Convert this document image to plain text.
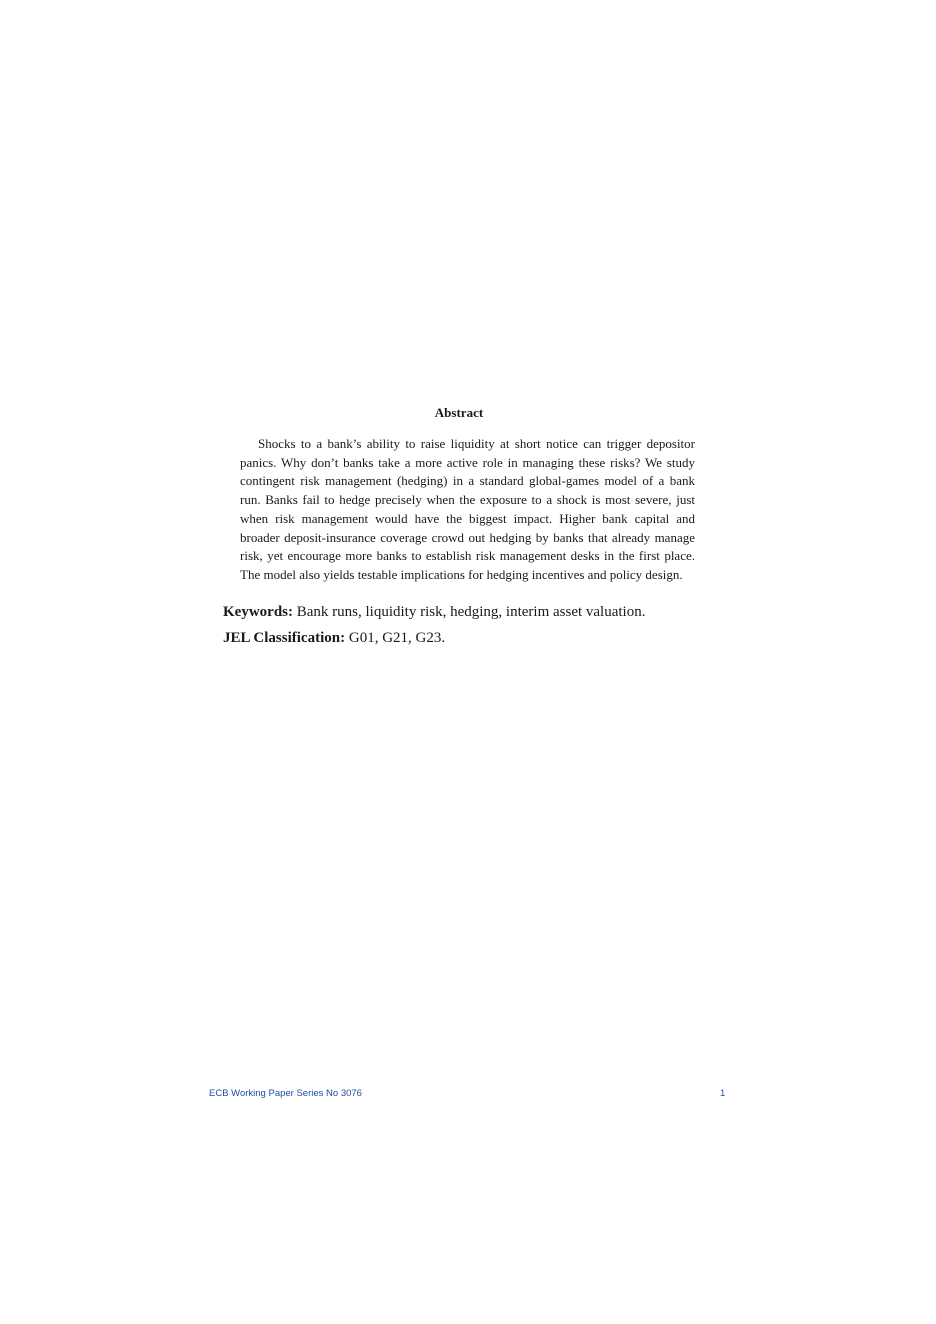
Abstract

Shocks to a bank’s ability to raise liquidity at short notice can trigger depositor panics. Why don’t banks take a more active role in managing these risks? We study contingent risk management (hedging) in a standard global-games model of a bank run. Banks fail to hedge precisely when the exposure to a shock is most severe, just when risk management would have the biggest impact. Higher bank capital and broader deposit-insurance coverage crowd out hedging by banks that already manage risk, yet encourage more banks to establish risk management desks in the first place. The model also yields testable implications for hedging incentives and policy design.

Keywords: Bank runs, liquidity risk, hedging, interim asset valuation.

JEL Classification: G01, G21, G23.

ECB Working Paper Series No 3076	1
